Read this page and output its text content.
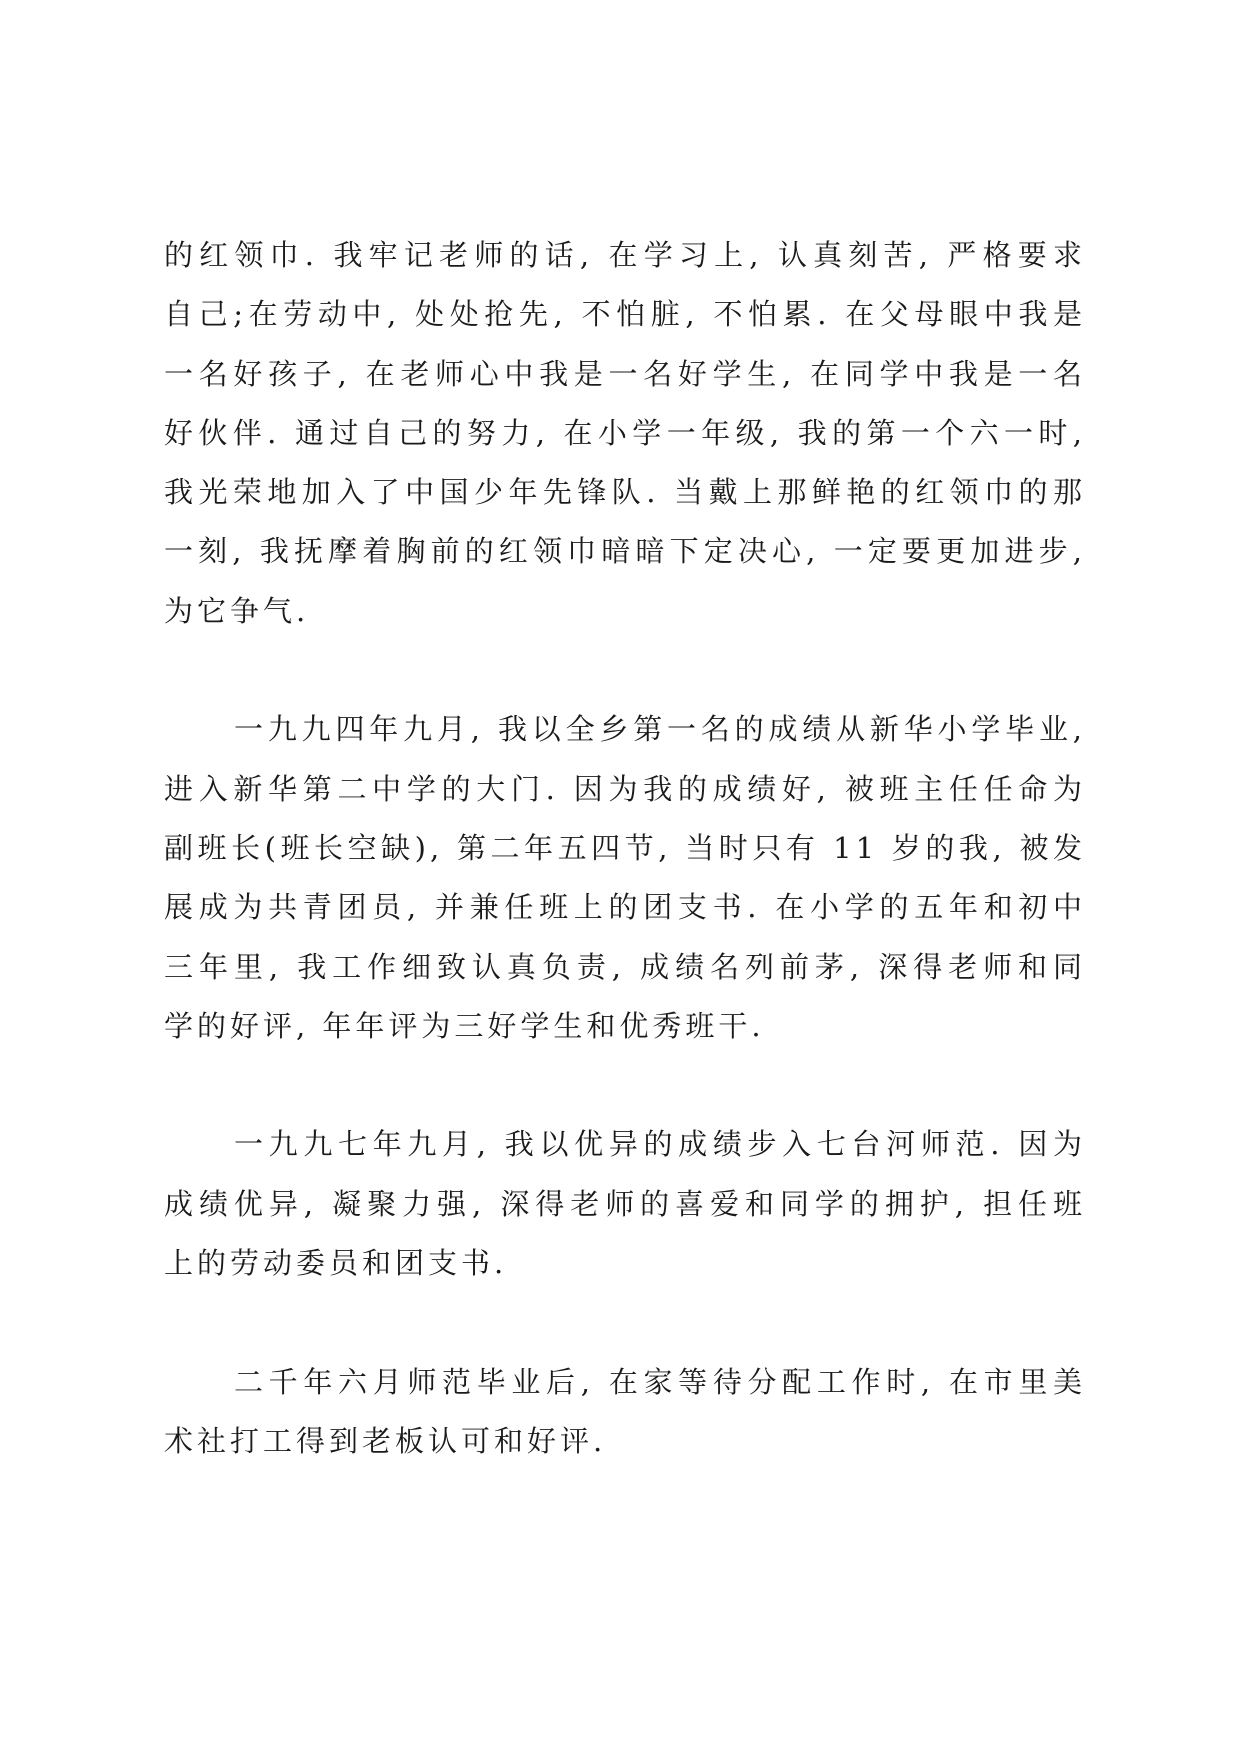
的红领巾. 我牢记老师的话, 在学习上, 认真刻苦, 严格要求
自己;在劳动中, 处处抢先, 不怕脏, 不怕累. 在父母眼中我是
一名好孩子, 在老师心中我是一名好学生, 在同学中我是一名
好伙伴. 通过自己的努力, 在小学一年级, 我的第一个六一时,
我光荣地加入了中国少年先锋队. 当戴上那鲜艳的红领巾的那
一刻, 我抚摩着胸前的红领巾暗暗下定决心, 一定要更加进步,
为它争气.
一九九四年九月, 我以全乡第一名的成绩从新华小学毕业,
进入新华第二中学的大门. 因为我的成绩好, 被班主任任命为
副班长(班长空缺), 第二年五四节, 当时只有 11 岁的我, 被发
展成为共青团员, 并兼任班上的团支书. 在小学的五年和初中
三年里, 我工作细致认真负责, 成绩名列前茅, 深得老师和同
学的好评, 年年评为三好学生和优秀班干.
一九九七年九月, 我以优异的成绩步入七台河师范. 因为
成绩优异, 凝聚力强, 深得老师的喜爱和同学的拥护, 担任班
上的劳动委员和团支书.
二千年六月师范毕业后, 在家等待分配工作时, 在市里美
术社打工得到老板认可和好评.
